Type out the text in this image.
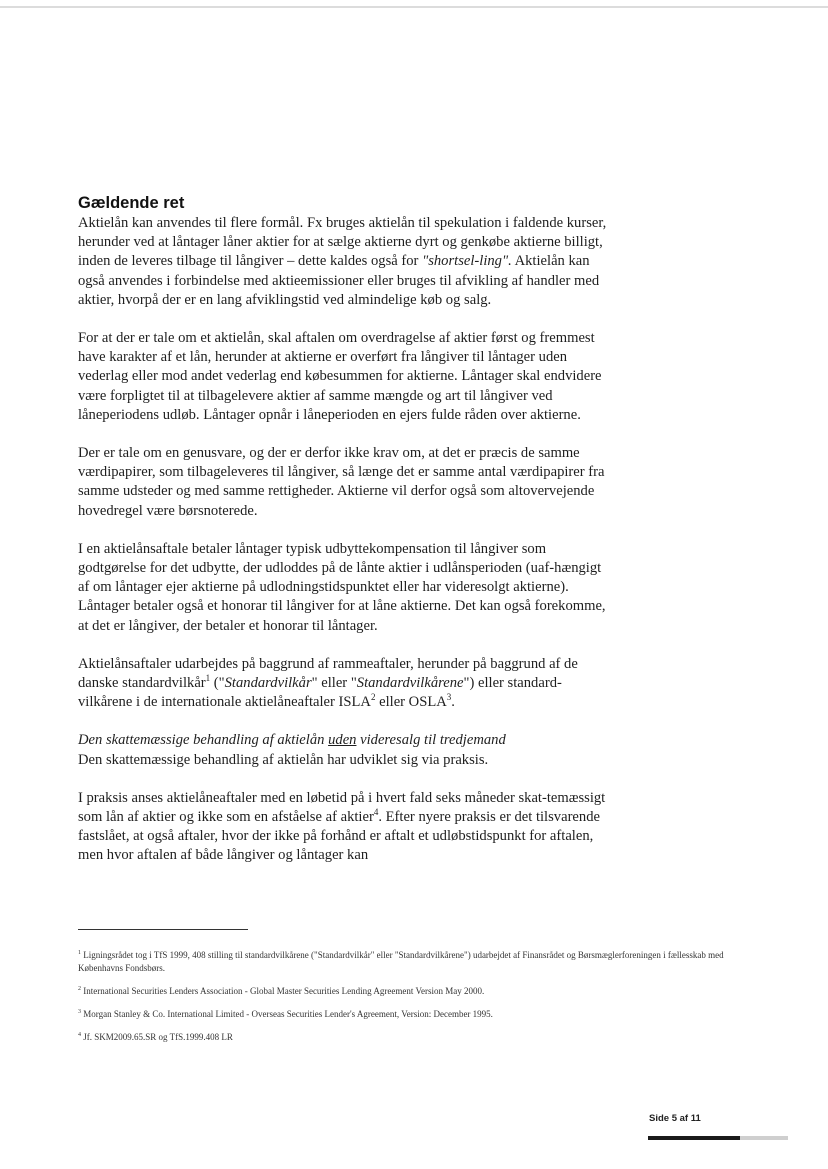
Gældende ret

Aktielån kan anvendes til flere formål. Fx bruges aktielån til spekulation i faldende kurser, herunder ved at låntager låner aktier for at sælge aktierne dyrt og genkøbe aktierne billigt, inden de leveres tilbage til långiver – dette kaldes også for "shortsel-ling". Aktielån kan også anvendes i forbindelse med aktieemissioner eller bruges til afvikling af handler med aktier, hvorpå der er en lang afviklingstid ved almindelige køb og salg.

For at der er tale om et aktielån, skal aftalen om overdragelse af aktier først og fremmest have karakter af et lån, herunder at aktierne er overført fra långiver til låntager uden vederlag eller mod andet vederlag end købesummen for aktierne. Låntager skal endvidere være forpligtet til at tilbagelevere aktier af samme mængde og art til långiver ved låneperiodens udløb. Låntager opnår i låneperioden en ejers fulde råden over aktierne.

Der er tale om en genusvare, og der er derfor ikke krav om, at det er præcis de samme værdipapirer, som tilbageleveres til långiver, så længe det er samme antal værdipapirer fra samme udsteder og med samme rettigheder. Aktierne vil derfor også som altovervejende hovedregel være børsnoterede.

I en aktielånsaftale betaler låntager typisk udbyttekompensation til långiver som godtgørelse for det udbytte, der udloddes på de lånte aktier i udlånsperioden (uaf-hængigt af om låntager ejer aktierne på udlodningstidspunktet eller har videresolgt aktierne). Låntager betaler også et honorar til långiver for at låne aktierne. Det kan også forekomme, at det er långiver, der betaler et honorar til låntager.

Aktielånsaftaler udarbejdes på baggrund af rammeaftaler, herunder på baggrund af de danske standardvilkår$^1$ ("Standardvilkår" eller "Standardvilkårene") eller standard-vilkårene i de internationale aktielåneaftaler ISLA$^2$ eller OSLA$^3$.

Den skattemæssige behandling af aktielån uden videresalg til tredjemand

Den skattemæssige behandling af aktielån har udviklet sig via praksis.

I praksis anses aktielåneaftaler med en løbetid på i hvert fald seks måneder skat-temæssigt som lån af aktier og ikke som en afståelse af aktier$^4$. Efter nyere praksis er det tilsvarende fastslået, at også aftaler, hvor der ikke på forhånd er aftalt et udløbstidspunkt for aftalen, men hvor aftalen af både långiver og låntager kan

$^1$ Ligningsrådet tog i TfS 1999, 408 stilling til standardvilkårene ("Standardvilkår" eller "Standardvilkårene") udarbejdet af Finansrådet og Børsmæglerforeningen i fællesskab med Københavns Fondsbørs.
$^2$ International Securities Lenders Association - Global Master Securities Lending Agreement Version May 2000.
$^3$ Morgan Stanley & Co. International Limited - Overseas Securities Lender's Agreement, Version: December 1995.
$^4$ Jf. SKM2009.65.SR og TfS.1999.408 LR
Side 5 af 11
